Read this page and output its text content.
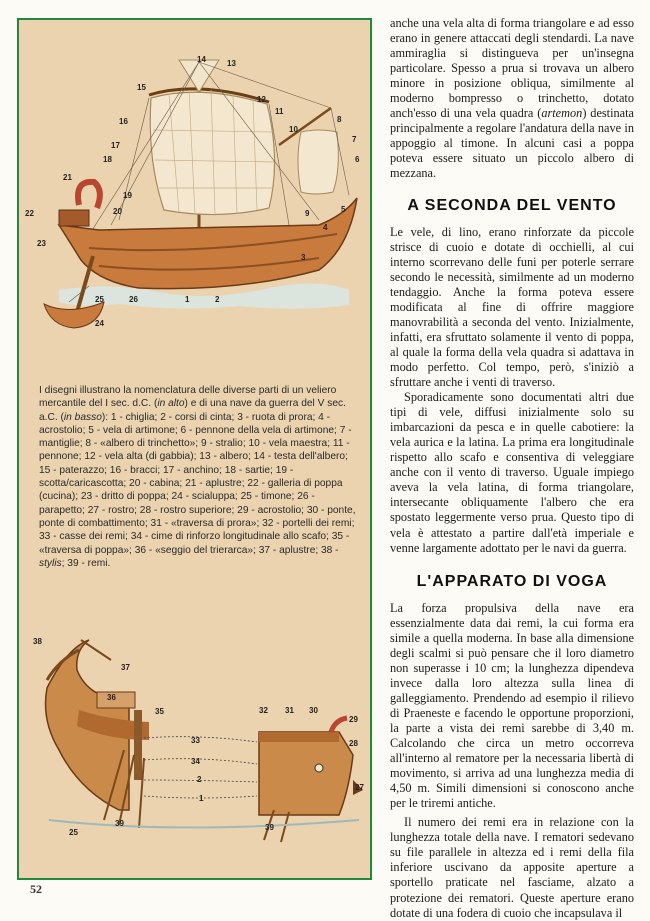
14	13
15
12
11
10
16	8
7
17
6
18
21
19
5
20
22	9
4
23
3
25	26	1	2
24
38
37
36
35
33
34
2
1
32 31 30
29
28
27
25
39	39

I disegni illustrano la nomenclatura delle diverse parti di un veliero mercantile del I sec. d.C. (in alto) e di una nave da guerra del V sec. a.C. (in basso): 1 - chiglia; 2 - corsi di cinta; 3 - ruota di prora; 4 - acrostolio; 5 - vela di artimone; 6 - pennone della vela di artimone; 7 - mantiglie; 8 - «albero di trinchetto»; 9 - stralio; 10 - vela maestra; 11 - pennone; 12 - vela alta (di gabbia); 13 - albero; 14 - testa dell'albero; 15 - paterazzo; 16 - bracci; 17 - anchino; 18 - sartie; 19 - scotta/caricascotta; 20 - cabina; 21 - aplustre; 22 - galleria di poppa (cucina); 23 - dritto di poppa; 24 - scialuppa; 25 - timone; 26 - parapetto; 27 - rostro; 28 - rostro superiore; 29 - acrostolio; 30 - ponte, ponte di combattimento; 31 - «traversa di prora»; 32 - portelli dei remi; 33 - casse dei remi; 34 - cime di rinforzo longitudinale allo scafo; 35 - «traversa di poppa»; 36 - «seggio del trierarca»; 37 - aplustre; 38 - stylis; 39 - remi.

anche una vela alta di forma triangolare e ad esso erano in genere attaccati degli stendardi. La nave ammiraglia si distingueva per un'insegna particolare. Spesso a prua si trovava un albero minore in posizione obliqua, similmente al moderno bompresso o trinchetto, dotato anch'esso di una vela quadra (artemon) destinata principalmente a regolare l'andatura della nave in appoggio al timone. In alcuni casi a poppa poteva essere situato un piccolo albero di mezzana.

A SECONDA DEL VENTO

Le vele, di lino, erano rinforzate da piccole strisce di cuoio e dotate di occhielli, al cui interno scorrevano delle funi per poterle serrare secondo le necessità, similmente ad un moderno tendaggio. Anche la forma poteva essere modificata al fine di offrire maggiore manovrabilità a seconda del vento. Inizialmente, infatti, era sfruttato solamente il vento di poppa, al quale la forma della vela quadra si adattava in modo perfetto. Col tempo, però, s'iniziò a sfruttare anche i venti di traverso.

Sporadicamente sono documentati altri due tipi di vele, diffusi inizialmente solo su imbarcazioni da pesca e in quelle cabotiere: la vela aurica e la latina. La prima era longitudinale rispetto allo scafo e consentiva di veleggiare anche con il vento di traverso. Uguale impiego aveva la vela latina, di forma triangolare, intersecante obliquamente l'albero che era spostato leggermente verso prua. Questo tipo di vela è attestato a partire dall'età imperiale e venne largamente adottato per le navi da guerra.

L'APPARATO DI VOGA

La forza propulsiva della nave era essenzialmente data dai remi, la cui forma era simile a quella moderna. In base alla dimensione degli scalmi si può pensare che il loro diametro non superasse i 10 cm; la lunghezza dipendeva invece dalla loro altezza sulla linea di galleggiamento. Prendendo ad esempio il rilievo di Praeneste e facendo le opportune proporzioni, la parte a vista dei remi sarebbe di 3,40 m. Calcolando che circa un metro occorreva all'interno al rematore per la necessaria libertà di movimento, si arriva ad una lunghezza media di 4,50 m. Simili dimensioni si conoscono anche per le triremi antiche.

Il numero dei remi era in relazione con la lunghezza totale della nave. I rematori sedevano su file parallele in altezza ed i remi della fila inferiore uscivano da apposite aperture a sportello praticate nel fasciame, alzato a protezione dei rematori. Queste aperture erano dotate di una fodera di cuoio che incapsulava il

52
